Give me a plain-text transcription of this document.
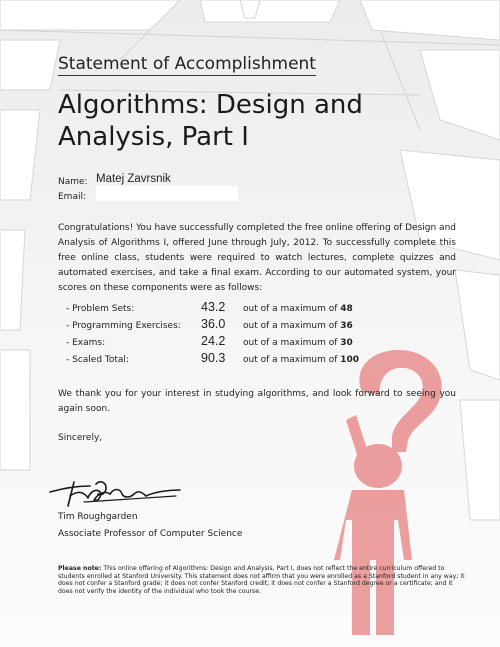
Statement of Accomplishment
Algorithms: Design and Analysis, Part I
Name: Matej Zavrsnik
Email:
Congratulations! You have successfully completed the free online offering of Design and Analysis of Algorithms I, offered June through July, 2012. To successfully complete this free online class, students were required to watch lectures, complete quizzes and automated exercises, and take a final exam. According to our automated system, your scores on these components were as follows:
- Problem Sets:	43.2 out of a maximum of 48
- Programming Exercises: 36.0 out of a maximum of 36
- Exams:	24.2 out of a maximum of 30
- Scaled Total:	90.3 out of a maximum of 100
We thank you for your interest in studying algorithms, and look forward to seeing you again soon.
Sincerely,
Tim Roughgarden
Associate Professor of Computer Science
Please note: This online offering of Algorithms: Design and Analysis, Part I, does not reflect the entire curriculum offered to students enrolled at Stanford University. This statement does not affirm that you were enrolled as a Stanford student in any way; it does not confer a Stanford grade; it does not confer Stanford credit; it does not confer a Stanford degree or a certificate; and it does not verify the identity of the individual who took the course.
